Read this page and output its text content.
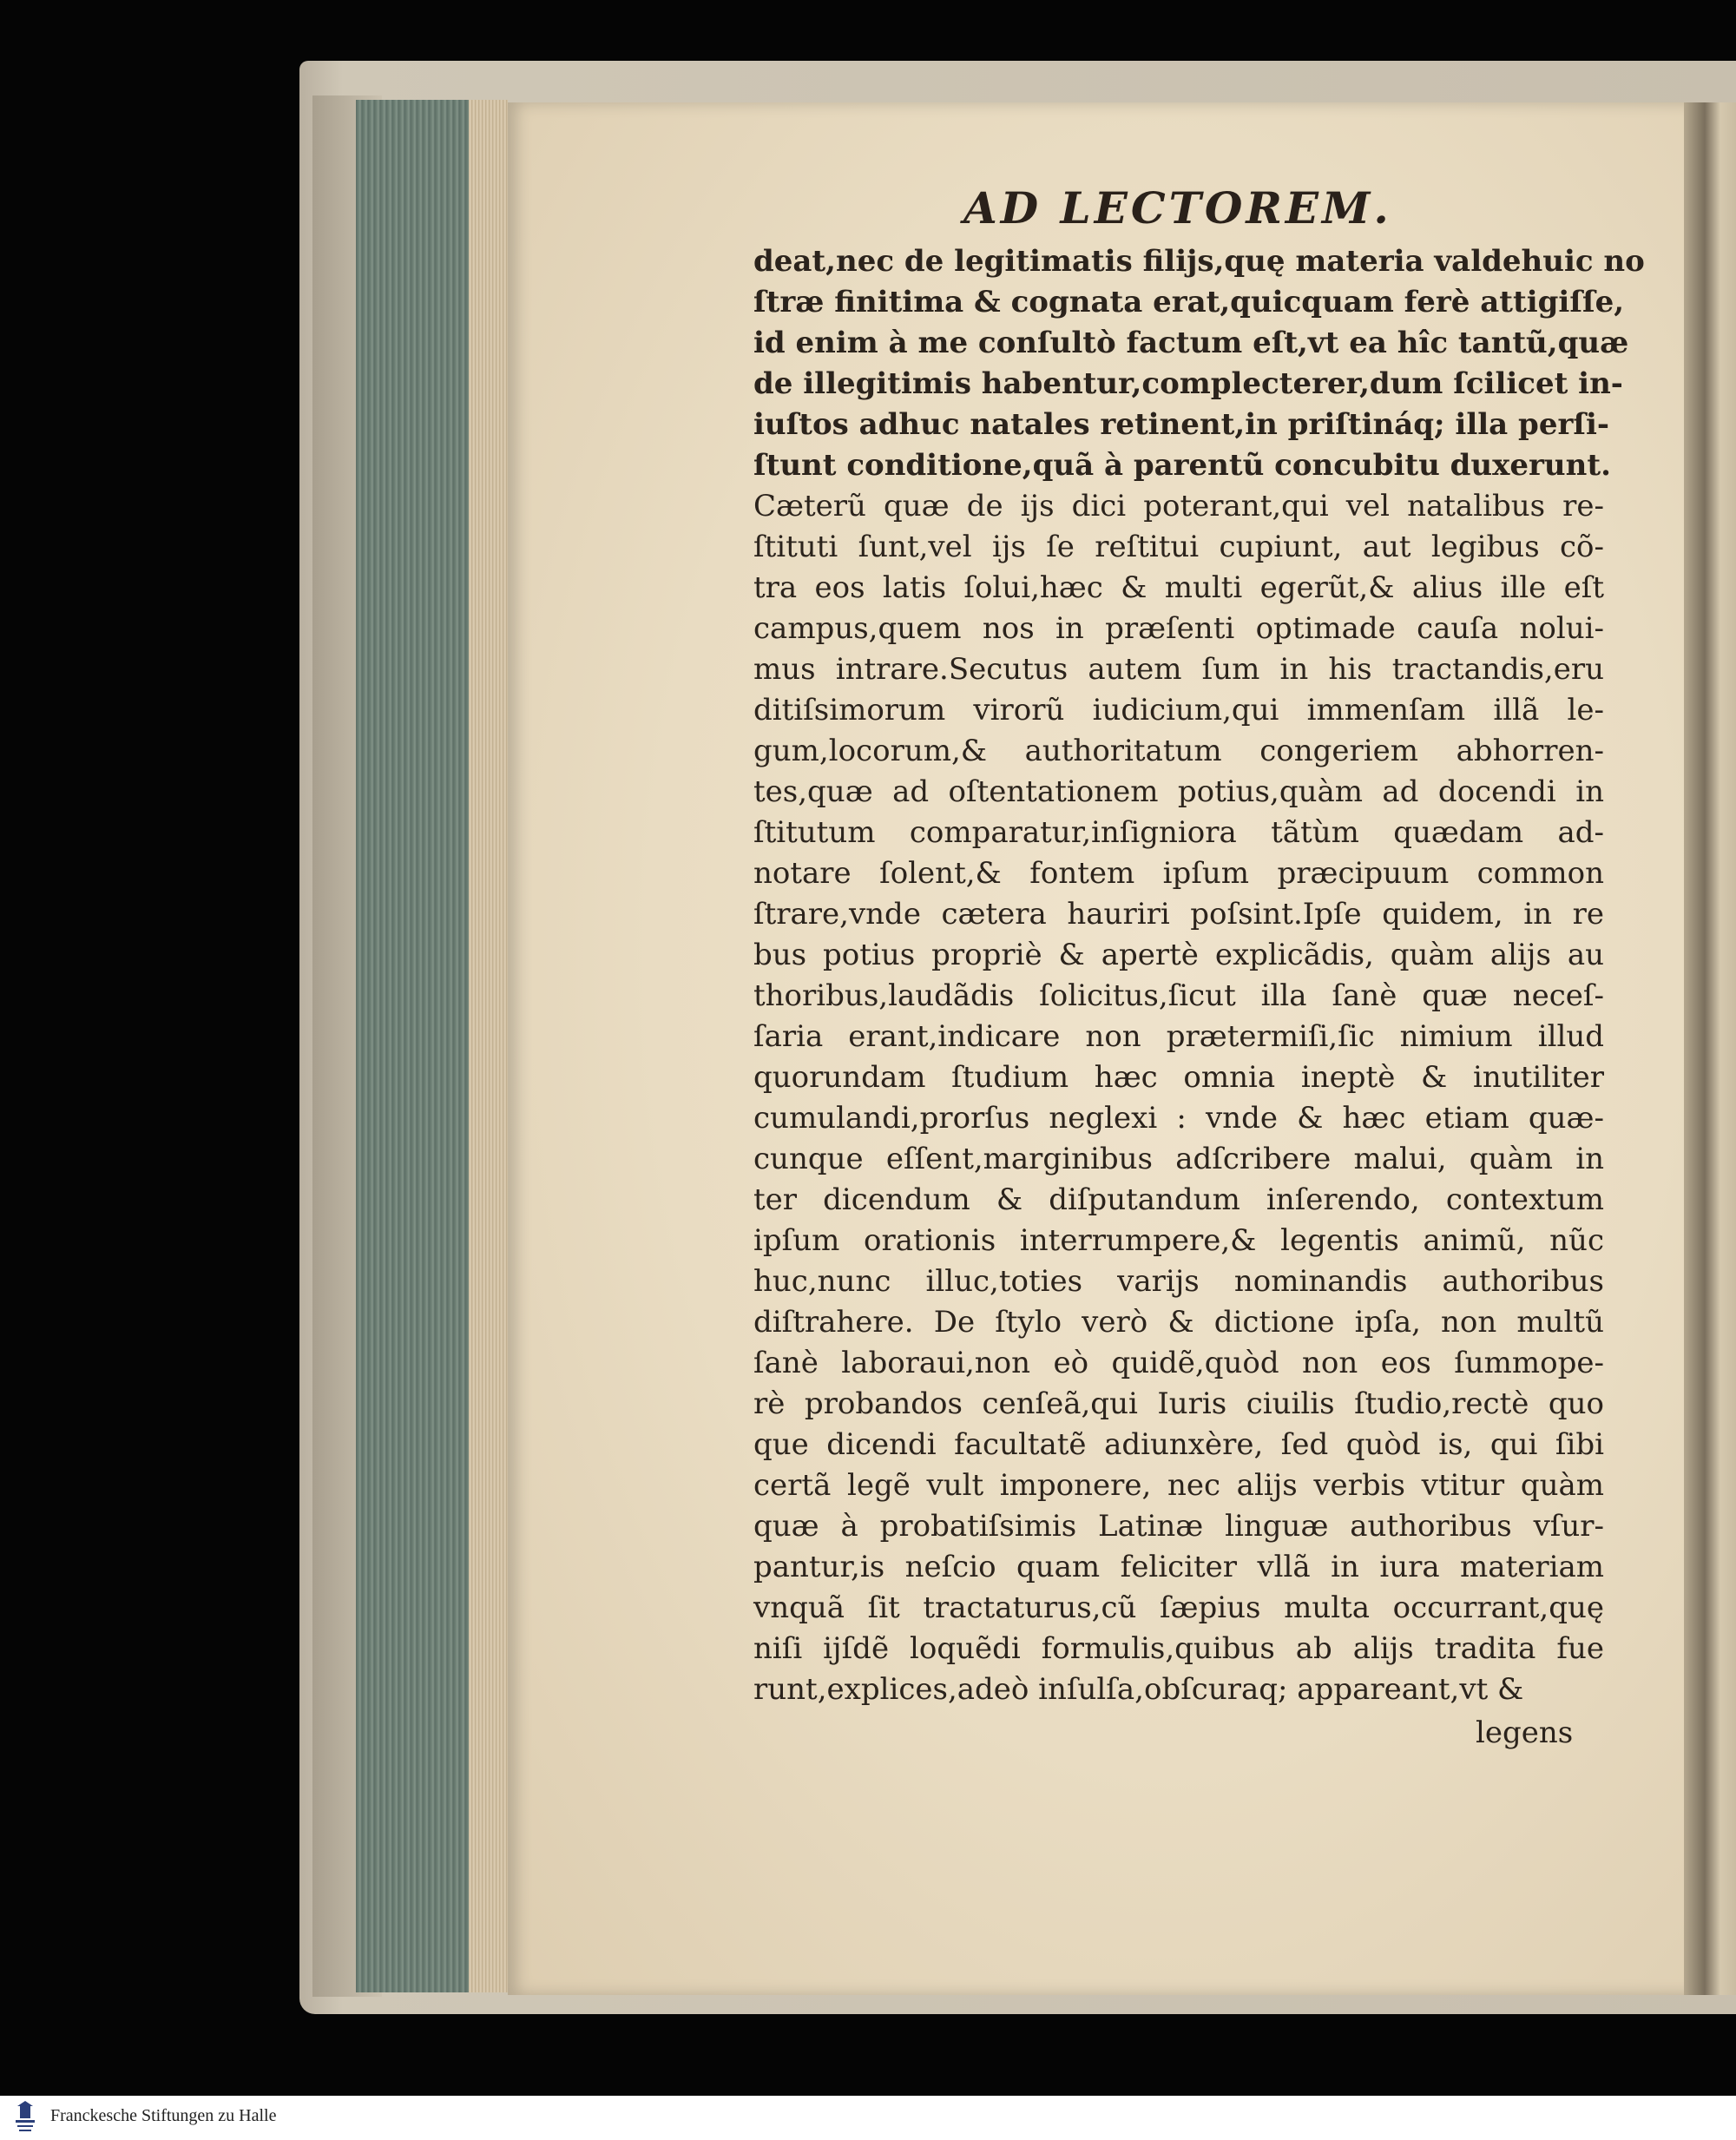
AD LECTOREM.
deat,nec de legitimatis filijs,quę materia valdehuic no
ſtræ finitima & cognata erat,quicquam ferè attigiſſe,
id enim à me conſultò factum eſt,vt ea hîc tantũ,quæ
de illegitimis habentur,complecterer,dum ſcilicet in-
iuſtos adhuc natales retinent,in priſtináq; illa perſi-
ſtunt conditione,quã à parentũ concubitu duxerunt.
Cæterũ quæ de ijs dici poterant,qui vel natalibus re-
ſtituti ſunt,vel ijs ſe reſtitui cupiunt, aut legibus cõ-
tra eos latis ſolui,hæc & multi egerũt,& alius ille eſt
campus,quem nos in præſenti optimade cauſa nolui-
mus intrare.Secutus autem ſum in his tractandis,eru
ditiſsimorum virorũ iudicium,qui immenſam illã le-
gum,locorum,& authoritatum congeriem abhorren-
tes,quæ ad oſtentationem potius,quàm ad docendi in
ſtitutum comparatur,inſigniora tãtùm quædam ad-
notare ſolent,& fontem ipſum præcipuum common
ſtrare,vnde cætera hauriri poſsint.Ipſe quidem, in re
bus potius propriè & apertè explicãdis, quàm alijs au
thoribus,laudãdis ſolicitus,ſicut illa ſanè quæ neceſ-
ſaria erant,indicare non prætermiſi,ſic nimium illud
quorundam ſtudium hæc omnia ineptè & inutiliter
cumulandi,prorſus neglexi : vnde & hæc etiam quæ-
cunque eſſent,marginibus adſcribere malui, quàm in
ter dicendum & diſputandum inſerendo, contextum
ipſum orationis interrumpere,& legentis animũ, nũc
huc,nunc illuc,toties varijs nominandis authoribus
diſtrahere. De ſtylo verò & dictione ipſa, non multũ
ſanè laboraui,non eò quidẽ,quòd non eos ſummope-
rè probandos cenſeã,qui Iuris ciuilis ſtudio,rectè quo
que dicendi facultatẽ adiunxère, ſed quòd is, qui ſibi
certã legẽ vult imponere, nec alijs verbis vtitur quàm
quæ à probatiſsimis Latinæ linguæ authoribus vſur-
pantur,is neſcio quam feliciter vllã in iura materiam
vnquã ſit tractaturus,cũ ſæpius multa occurrant,quę
niſi ijſdẽ loquẽdi formulis,quibus ab alijs tradita fue
runt,explices,adeò inſulſa,obſcuraq; appareant,vt &
legens
Franckesche Stiftungen zu Halle
